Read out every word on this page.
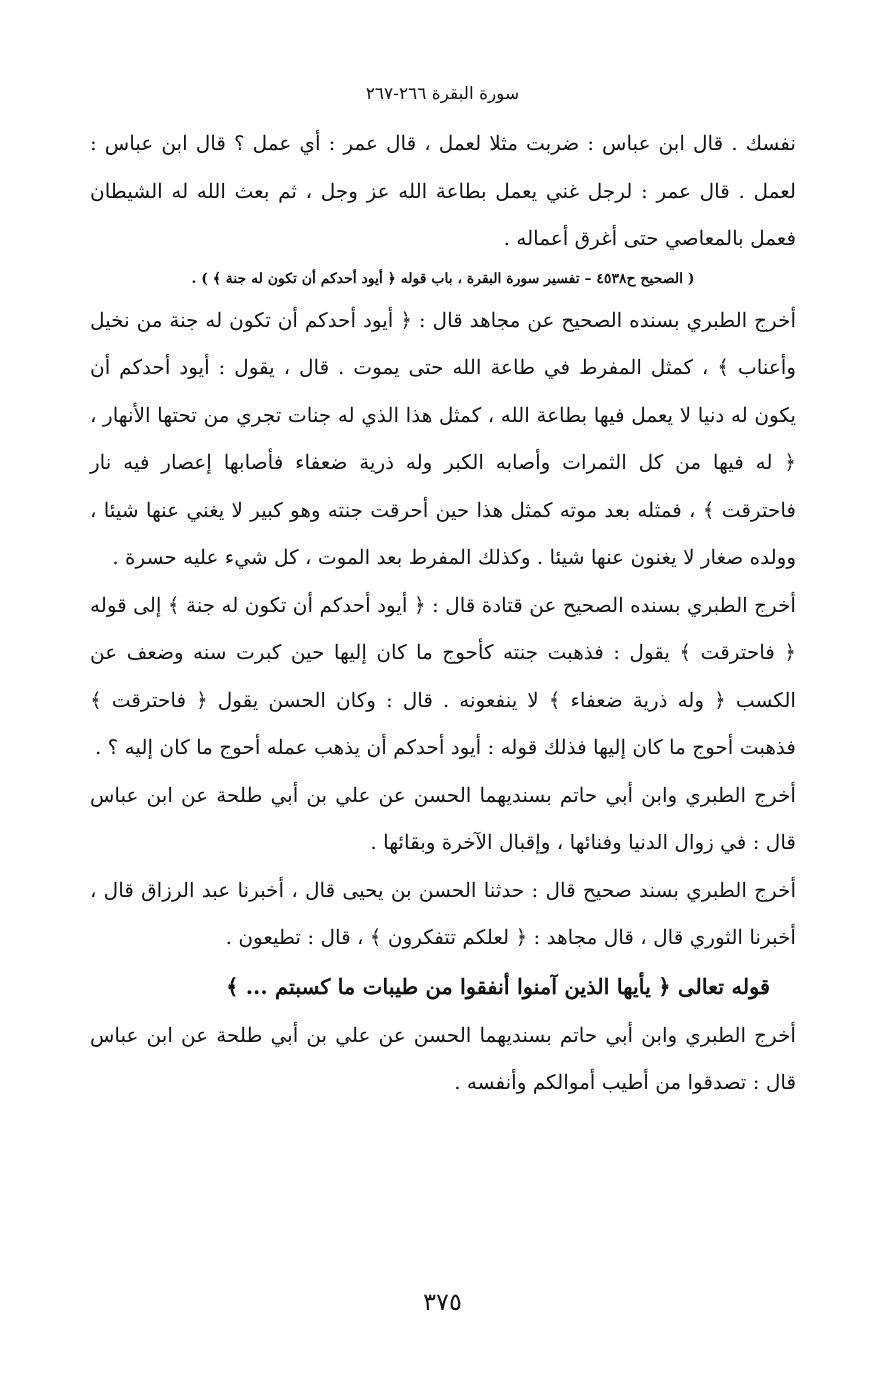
سورة البقرة ٢٦٦-٢٦٧

نفسك . قال ابن عباس : ضربت مثلا لعمل ، قال عمر : أي عمل ؟ قال ابن عباس : لعمل . قال عمر : لرجل غني يعمل بطاعة الله عز وجل ، ثم بعث الله له الشيطان فعمل بالمعاصي حتى أغرق أعماله .

( الصحيح ح٤٥٣٨ – تفسير سورة البقرة ، باب قوله ﴿ أيود أحدكم أن تكون له جنة ﴾ ) .

أخرج الطبري بسنده الصحيح عن مجاهد قال : ﴿ أيود أحدكم أن تكون له جنة من نخيل وأعناب ﴾ ، كمثل المفرط في طاعة الله حتى يموت . قال ، يقول : أيود أحدكم أن يكون له دنيا لا يعمل فيها بطاعة الله ، كمثل هذا الذي له جنات تجري من تحتها الأنهار ، ﴿ له فيها من كل الثمرات وأصابه الكبر وله ذرية ضعفاء فأصابها إعصار فيه نار فاحترقت ﴾ ، فمثله بعد موته كمثل هذا حين أحرقت جنته وهو كبير لا يغني عنها شيئا ، وولده صغار لا يغنون عنها شيئا . وكذلك المفرط بعد الموت ، كل شيء عليه حسرة .

أخرج الطبري بسنده الصحيح عن قتادة قال : ﴿ أيود أحدكم أن تكون له جنة ﴾ إلى قوله ﴿ فاحترقت ﴾ يقول : فذهبت جنته كأحوج ما كان إليها حين كبرت سنه وضعف عن الكسب ﴿ وله ذرية ضعفاء ﴾ لا ينفعونه . قال : وكان الحسن يقول ﴿ فاحترقت ﴾ فذهبت أحوج ما كان إليها فذلك قوله : أيود أحدكم أن يذهب عمله أحوج ما كان إليه ؟ .

أخرج الطبري وابن أبي حاتم بسنديهما الحسن عن علي بن أبي طلحة عن ابن عباس قال : في زوال الدنيا وفنائها ، وإقبال الآخرة وبقائها .

أخرج الطبري بسند صحيح قال : حدثنا الحسن بن يحيى قال ، أخبرنا عبد الرزاق قال ، أخبرنا الثوري قال ، قال مجاهد : ﴿ لعلكم تتفكرون ﴾ ، قال : تطيعون .

قوله تعالى ﴿ يأيها الذين آمنوا أنفقوا من طيبات ما كسبتم ... ﴾

أخرج الطبري وابن أبي حاتم بسنديهما الحسن عن علي بن أبي طلحة عن ابن عباس قال : تصدقوا من أطيب أموالكم وأنفسه .

٣٧٥
